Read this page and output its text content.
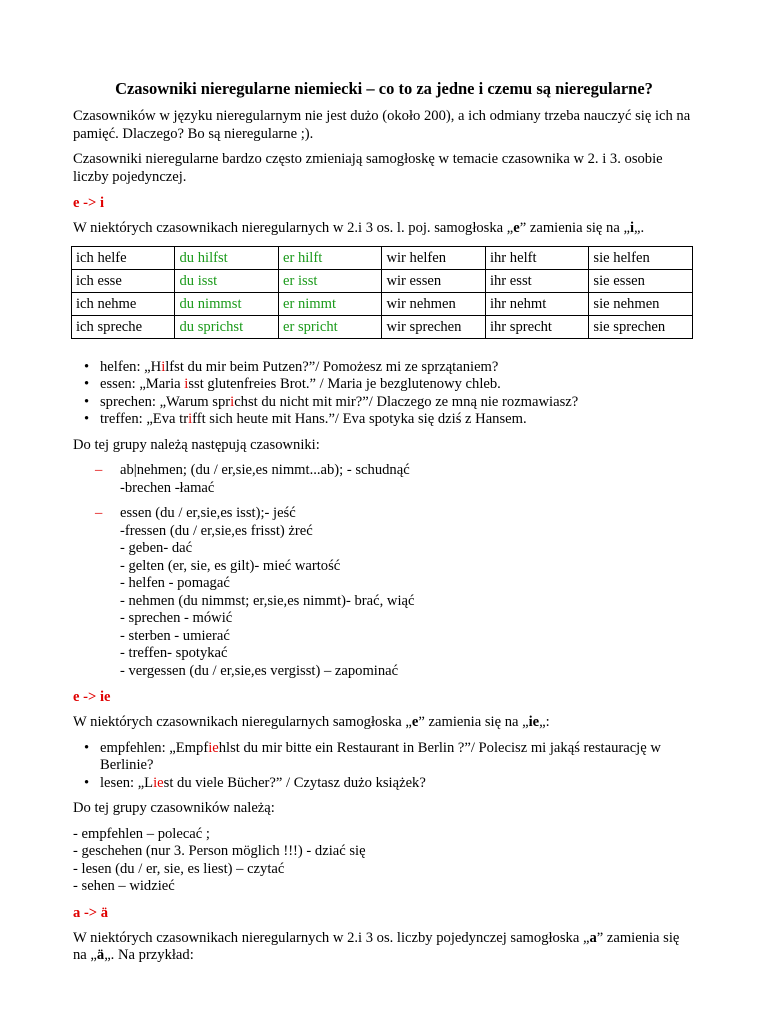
Czasowniki nieregularne niemiecki – co to za jedne i czemu są nieregularne?

Czasowników w języku nieregularnym nie jest dużo (około 200), a ich odmiany trzeba nauczyć się ich na pamięć. Dlaczego? Bo są nieregularne ;).

Czasowniki nieregularne bardzo często zmieniają samogłoskę w temacie czasownika w 2. i 3. osobie liczby pojedynczej.

e -> i

W niektórych czasownikach nieregularnych w 2.i 3 os. l. poj. samogłoska „e” zamienia się na „i„.

ich helfe	du hilfst	er hilft	wir helfen	ihr helft	sie helfen
ich esse	du isst	er isst	wir essen	ihr esst	sie essen
ich nehme	du nimmst	er nimmt	wir nehmen	ihr nehmt	sie nehmen
ich spreche	du sprichst	er spricht	wir sprechen	ihr sprecht	sie sprechen
• helfen: „Hilfst du mir beim Putzen?”/ Pomożesz mi ze sprzątaniem?
• essen: „Maria isst glutenfreies Brot.” / Maria je bezglutenowy chleb.
• sprechen: „Warum sprichst du nicht mit mir?”/ Dlaczego ze mną nie rozmawiasz?
• treffen: „Eva trifft sich heute mit Hans.”/ Eva spotyka się dziś z Hansem.

Do tej grupy należą następują czasowniki:

– ab|nehmen; (du / er,sie,es nimmt...ab); - schudnąć
-brechen -łamać
– essen (du / er,sie,es isst);- jeść
-fressen (du / er,sie,es frisst) żreć
- geben- dać
- gelten (er, sie, es gilt)- mieć wartość
- helfen - pomagać
- nehmen (du nimmst; er,sie,es nimmt)- brać, wiąć
- sprechen - mówić
- sterben - umierać
- treffen- spotykać
- vergessen (du / er,sie,es vergisst) – zapominać
e -> ie

W niektórych czasownikach nieregularnych samogłoska „e” zamienia się na „ie„:

• empfehlen: „Empfiehlst du mir bitte ein Restaurant in Berlin ?”/ Polecisz mi jakąś restaurację w Berlinie?
• lesen: „Liest du viele Bücher?” / Czytasz dużo książek?

Do tej grupy czasowników należą:

- empfehlen – polecać ;
- geschehen (nur 3. Person möglich !!!) - dziać się
- lesen (du / er, sie, es liest) – czytać
- sehen – widzieć
a -> ä

W niektórych czasownikach nieregularnych w 2.i 3 os. liczby pojedynczej samogłoska „a” zamienia się na „ä„. Na przykład:
